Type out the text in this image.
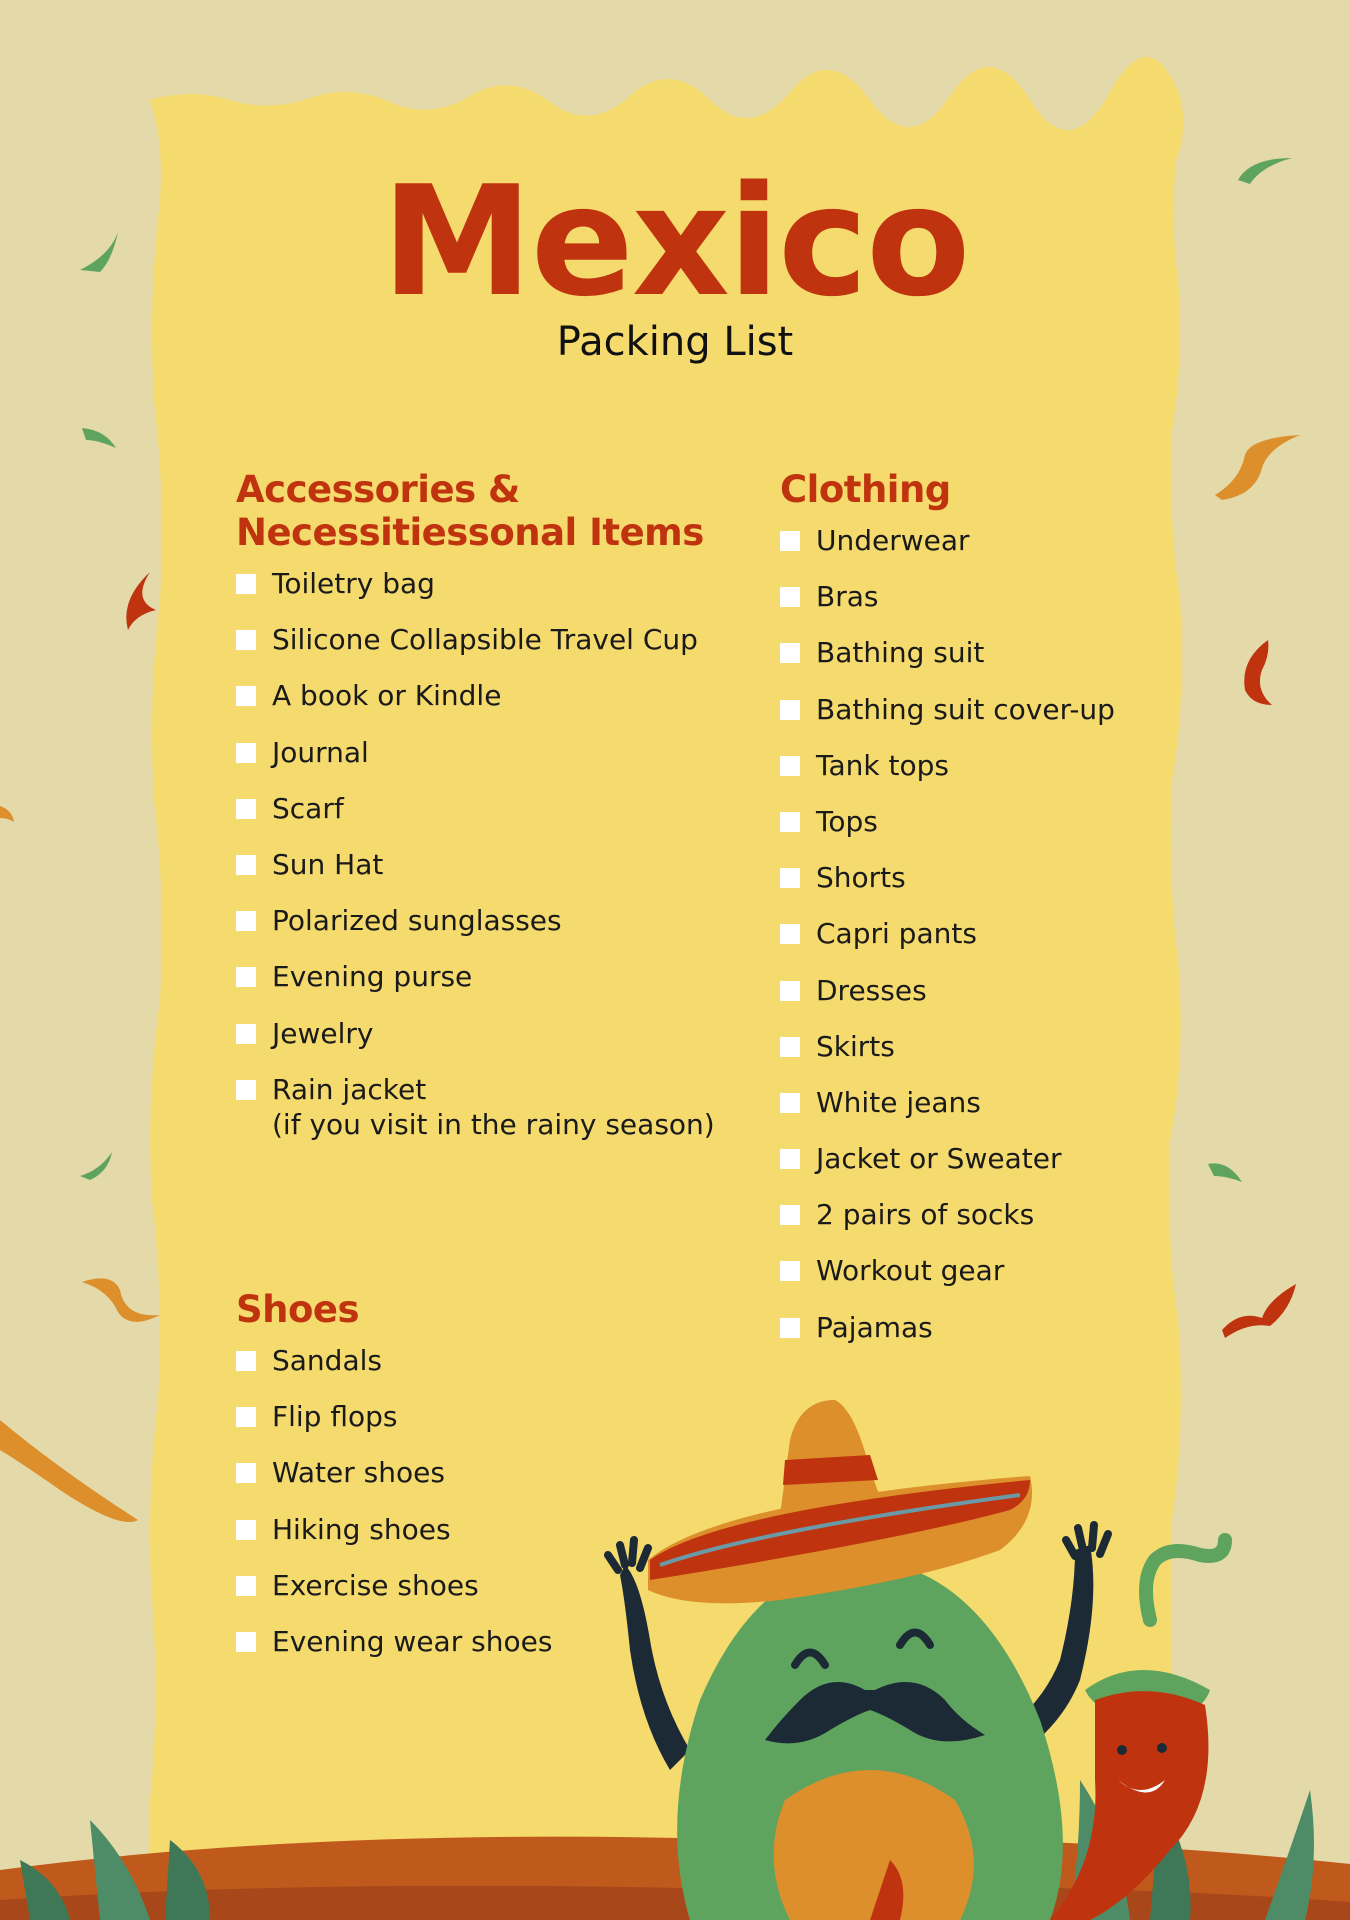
Mexico
Packing List
Accessories &
Necessitiessonal Items
Toiletry bag
Silicone Collapsible Travel Cup
A book or Kindle
Journal
Scarf
Sun Hat
Polarized sunglasses
Evening purse
Jewelry
Rain jacket
(if you visit in the rainy season)
Clothing
Underwear
Bras
Bathing suit
Bathing suit cover-up
Tank tops
Tops
Shorts
Capri pants
Dresses
Skirts
White jeans
Jacket or Sweater
2 pairs of socks
Workout gear
Pajamas
Shoes
Sandals
Flip flops
Water shoes
Hiking shoes
Exercise shoes
Evening wear shoes
